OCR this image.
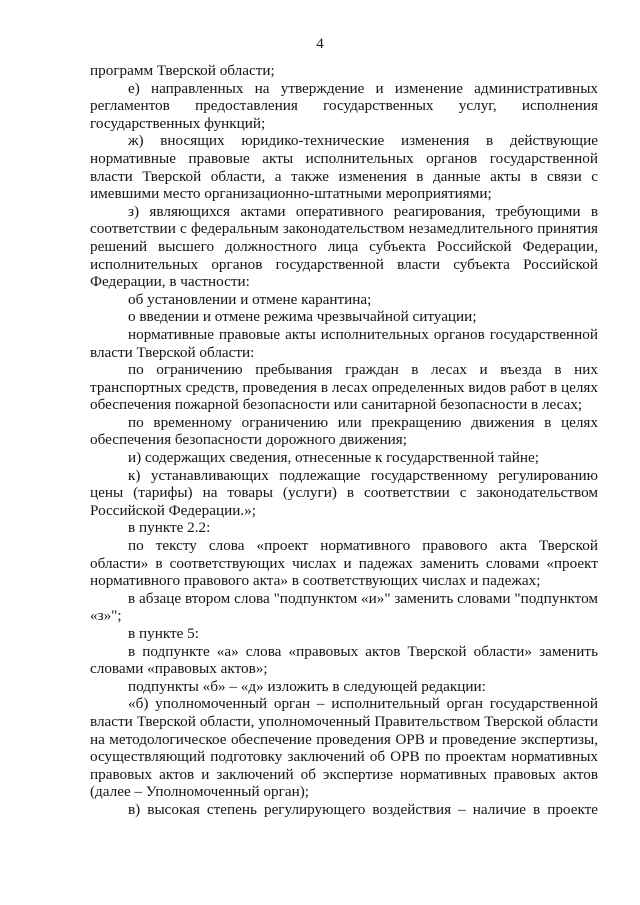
4

программ Тверской области;

е) направленных на утверждение и изменение административных регламентов предоставления государственных услуг, исполнения государственных функций;

ж) вносящих юридико-технические изменения в действующие нормативные правовые акты исполнительных органов государственной власти Тверской области, а также изменения в данные акты в связи с имевшими место организационно-штатными мероприятиями;

з) являющихся актами оперативного реагирования, требующими в соответствии с федеральным законодательством незамедлительного принятия решений высшего должностного лица субъекта Российской Федерации, исполнительных органов государственной власти субъекта Российской Федерации, в частности:

об установлении и отмене карантина;

о введении и отмене режима чрезвычайной ситуации;

нормативные правовые акты исполнительных органов государственной власти Тверской области:

по ограничению пребывания граждан в лесах и въезда в них транспортных средств, проведения в лесах определенных видов работ в целях обеспечения пожарной безопасности или санитарной безопасности в лесах;

по временному ограничению или прекращению движения в целях обеспечения безопасности дорожного движения;

и) содержащих сведения, отнесенные к государственной тайне;

к) устанавливающих подлежащие государственному регулированию цены (тарифы) на товары (услуги) в соответствии с законодательством Российской Федерации.»;

в пункте 2.2:

по тексту слова «проект нормативного правового акта Тверской области» в соответствующих числах и падежах заменить словами «проект нормативного правового акта» в соответствующих числах и падежах;

в абзаце втором слова "подпунктом «и»" заменить словами "подпунктом «з»";

в пункте 5:

в подпункте «а» слова «правовых актов Тверской области» заменить словами «правовых актов»;

подпункты «б» – «д» изложить в следующей редакции:

«б) уполномоченный орган – исполнительный орган государственной власти Тверской области, уполномоченный Правительством Тверской области на методологическое обеспечение проведения ОРВ и проведение экспертизы, осуществляющий подготовку заключений об ОРВ по проектам нормативных правовых актов и заключений об экспертизе нормативных правовых актов (далее – Уполномоченный орган);

в) высокая степень регулирующего воздействия – наличие в проекте
